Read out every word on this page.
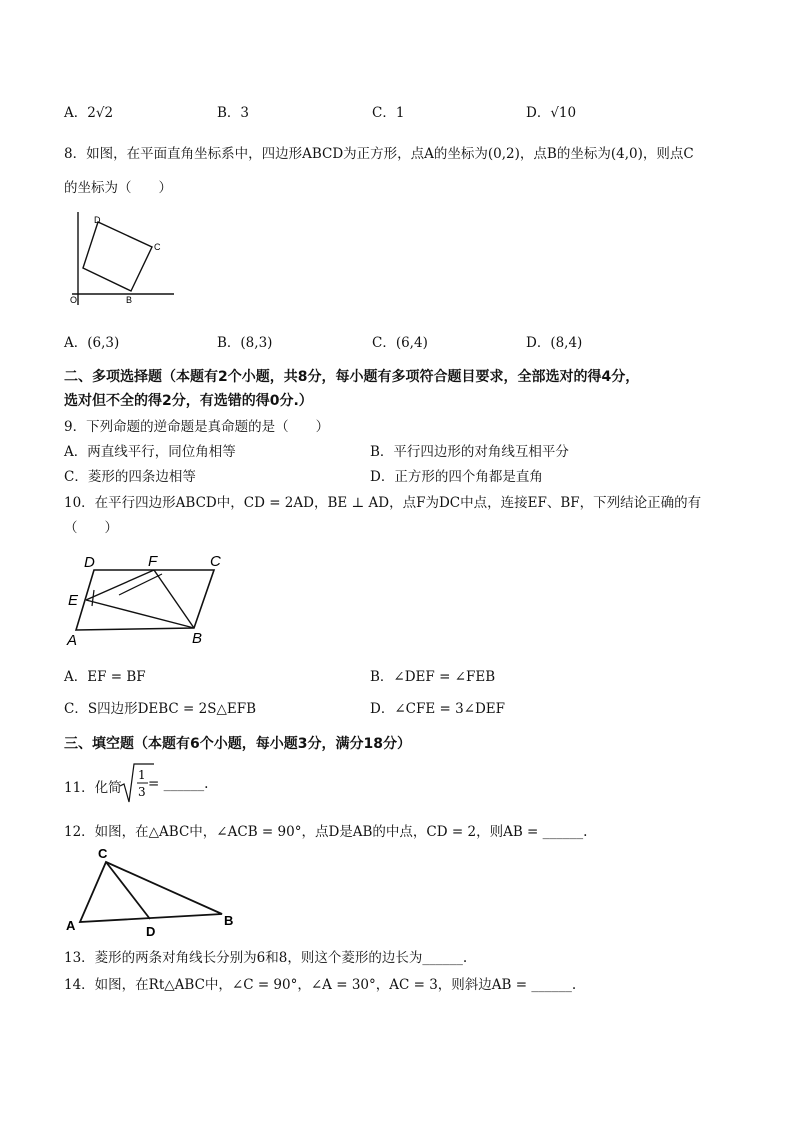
A．2√2	B．3	C．1	D．√10
8．如图，在平面直角坐标系中，四边形ABCD为正方形，点A的坐标为(0,2)，点B的坐标为(4,0)，则点C
的坐标为（　　）
D
C
O	B
A．(6,3)	B．(8,3)	C．(6,4)	D．(8,4)
二、多项选择题（本题有2个小题，共8分，每小题有多项符合题目要求，全部选对的得4分，
选对但不全的得2分，有选错的得0分.）
9．下列命题的逆命题是真命题的是（　　）
A．两直线平行，同位角相等	B．平行四边形的对角线互相平分
C．菱形的四条边相等	D．正方形的四个角都是直角
10．在平行四边形ABCD中，CD = 2AD，BE ⊥ AD，点F为DC中点，连接EF、BF，下列结论正确的有
（　　）
D	F	C
E
A	B
A．EF = BF	B．∠DEF = ∠FEB
C．S四边形DEBC = 2S△EFB	D．∠CFE = 3∠DEF
三、填空题（本题有6个小题，每小题3分，满分18分）
11．化简
1
3 = ______.
12．如图，在△ABC中，∠ACB = 90°，点D是AB的中点，CD = 2，则AB = ______.
C
A	D
B
13．菱形的两条对角线长分别为6和8，则这个菱形的边长为______.
14．如图，在Rt△ABC中，∠C = 90°，∠A = 30°，AC = 3，则斜边AB = ______.
